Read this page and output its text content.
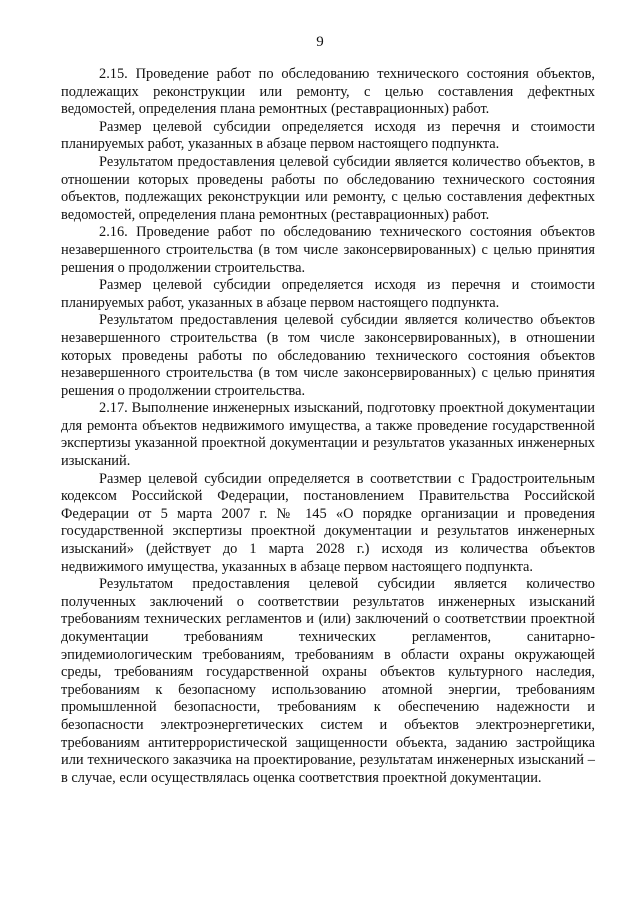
9

2.15. Проведение работ по обследованию технического состояния объектов, подлежащих реконструкции или ремонту, с целью составления дефектных ведомостей, определения плана ремонтных (реставрационных) работ.

Размер целевой субсидии определяется исходя из перечня и стоимости планируемых работ, указанных в абзаце первом настоящего подпункта.

Результатом предоставления целевой субсидии является количество объектов, в отношении которых проведены работы по обследованию технического состояния объектов, подлежащих реконструкции или ремонту, с целью составления дефектных ведомостей, определения плана ремонтных (реставрационных) работ.

2.16. Проведение работ по обследованию технического состояния объектов незавершенного строительства (в том числе законсервированных) с целью принятия решения о продолжении строительства.

Размер целевой субсидии определяется исходя из перечня и стоимости планируемых работ, указанных в абзаце первом настоящего подпункта.

Результатом предоставления целевой субсидии является количество объектов незавершенного строительства (в том числе законсервированных), в отношении которых проведены работы по обследованию технического состояния объектов незавершенного строительства (в том числе законсервированных) с целью принятия решения о продолжении строительства.

2.17. Выполнение инженерных изысканий, подготовку проектной документации для ремонта объектов недвижимого имущества, а также проведение государственной экспертизы указанной проектной документации и результатов указанных инженерных изысканий.

Размер целевой субсидии определяется в соответствии с Градостроительным кодексом Российской Федерации, постановлением Правительства Российской Федерации от 5 марта 2007 г. № 145 «О порядке организации и проведения государственной экспертизы проектной документации и результатов инженерных изысканий» (действует до 1 марта 2028 г.) исходя из количества объектов недвижимого имущества, указанных в абзаце первом настоящего подпункта.

Результатом предоставления целевой субсидии является количество полученных заключений о соответствии результатов инженерных изысканий требованиям технических регламентов и (или) заключений о соответствии проектной документации требованиям технических регламентов, санитарно-эпидемиологическим требованиям, требованиям в области охраны окружающей среды, требованиям государственной охраны объектов культурного наследия, требованиям к безопасному использованию атомной энергии, требованиям промышленной безопасности, требованиям к обеспечению надежности и безопасности электроэнергетических систем и объектов электроэнергетики, требованиям антитеррористической защищенности объекта, заданию застройщика или технического заказчика на проектирование, результатам инженерных изысканий – в случае, если осуществлялась оценка соответствия проектной документации.
